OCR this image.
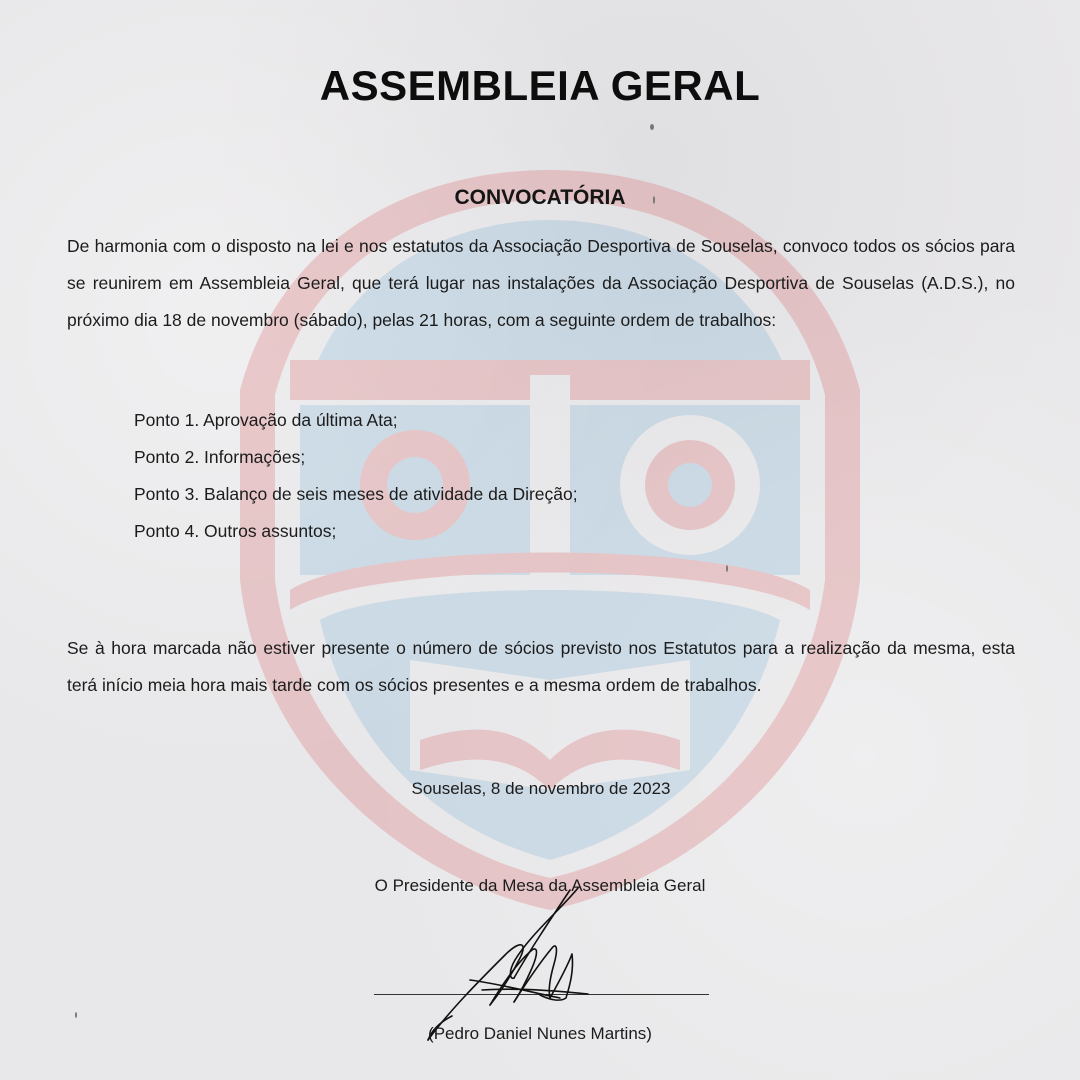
ASSEMBLEIA GERAL
CONVOCATÓRIA

De harmonia com o disposto na lei e nos estatutos da Associação Desportiva de Souselas, convoco todos os sócios para se reunirem em Assembleia Geral, que terá lugar nas instalações da Associação Desportiva de Souselas (A.D.S.), no próximo dia 18 de novembro (sábado), pelas 21 horas, com a seguinte ordem de trabalhos:

Ponto 1. Aprovação da última Ata;
Ponto 2. Informações;
Ponto 3. Balanço de seis meses de atividade da Direção;
Ponto 4. Outros assuntos;

Se à hora marcada não estiver presente o número de sócios previsto nos Estatutos para a realização da mesma, esta terá início meia hora mais tarde com os sócios presentes e a mesma ordem de trabalhos.

Souselas, 8 de novembro de 2023

O Presidente da Mesa da Assembleia Geral

(Pedro Daniel Nunes Martins)
